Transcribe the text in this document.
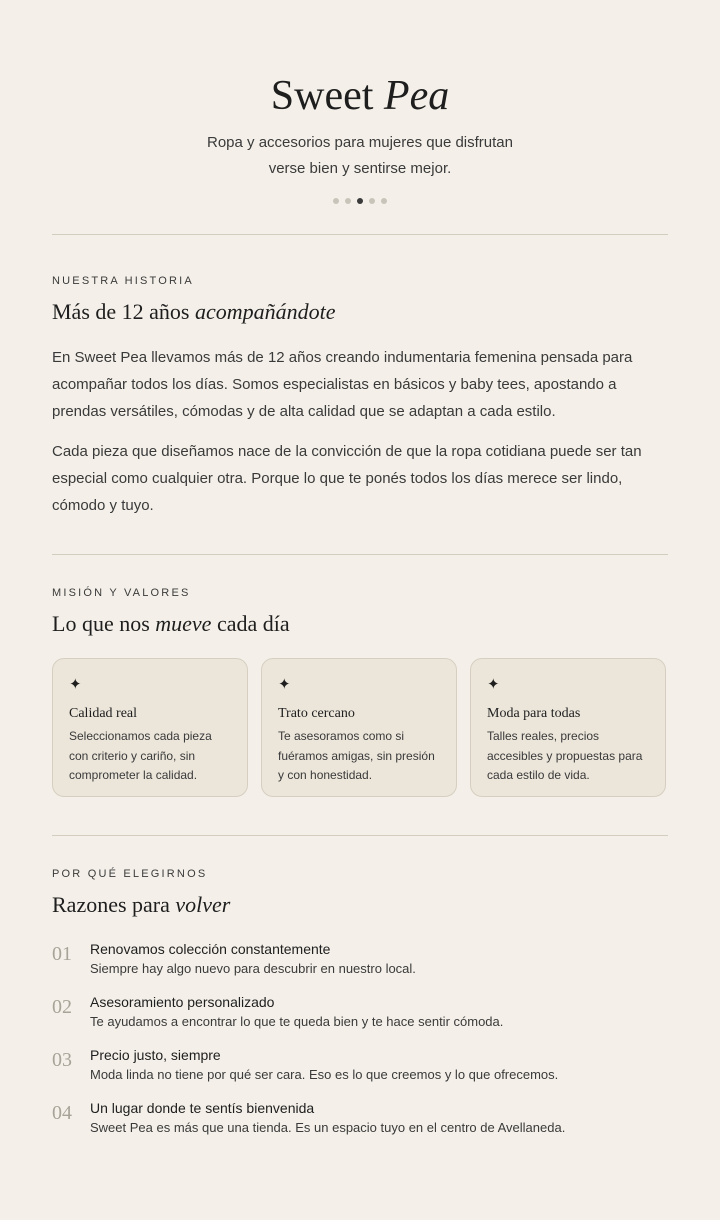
Sweet Pea

Ropa y accesorios para mujeres que disfrutan verse bien y sentirse mejor.

NUESTRA HISTORIA

Más de 12 años acompañándote

En Sweet Pea llevamos más de 12 años creando indumentaria femenina pensada para acompañar todos los días. Somos especialistas en básicos y baby tees, apostando a prendas versátiles, cómodas y de alta calidad que se adaptan a cada estilo.

Cada pieza que diseñamos nace de la convicción de que la ropa cotidiana puede ser tan especial como cualquier otra. Porque lo que te ponés todos los días merece ser lindo, cómodo y tuyo.

MISIÓN Y VALORES

Lo que nos mueve cada día
✦
Calidad real

Seleccionamos cada pieza con criterio y cariño, sin comprometer la calidad.

✦
Trato cercano

Te asesoramos como si fuéramos amigas, sin presión y con honestidad.

✦
Moda para todas

Talles reales, precios accesibles y propuestas para cada estilo de vida.

POR QUÉ ELEGIRNOS

Razones para volver
01	Renovamos colección constantemente

Siempre hay algo nuevo para descubrir en nuestro local.

02	Asesoramiento personalizado

Te ayudamos a encontrar lo que te queda bien y te hace sentir cómoda.

03	Precio justo, siempre

Moda linda no tiene por qué ser cara. Eso es lo que creemos y lo que ofrecemos.

04	Un lugar donde te sentís bienvenida

Sweet Pea es más que una tienda. Es un espacio tuyo en el centro de Avellaneda.
